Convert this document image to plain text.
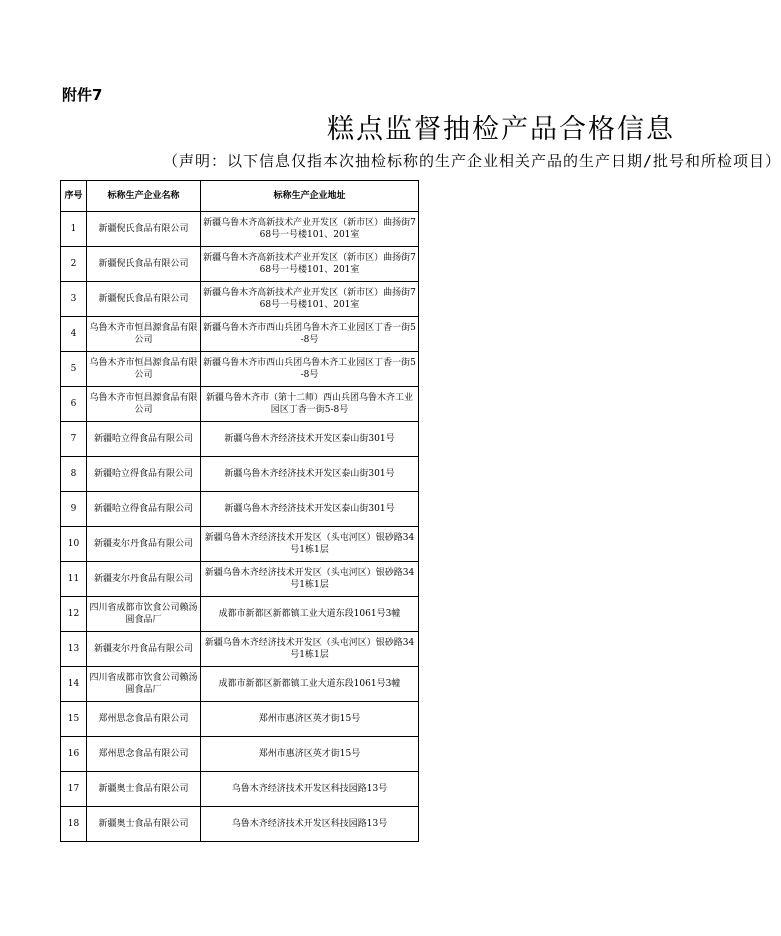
附件7
糕点监督抽检产品合格信息
（声明：以下信息仅指本次抽检标称的生产企业相关产品的生产日期/批号和所检项目）
序号	标称生产企业名称	标称生产企业地址
1	新疆倪氏食品有限公司	新疆乌鲁木齐高新技术产业开发区（新市区）曲扬街768号一号楼101、201室
2	新疆倪氏食品有限公司	新疆乌鲁木齐高新技术产业开发区（新市区）曲扬街768号一号楼101、201室
3	新疆倪氏食品有限公司	新疆乌鲁木齐高新技术产业开发区（新市区）曲扬街768号一号楼101、201室
4	乌鲁木齐市恒昌源食品有限公司	新疆乌鲁木齐市西山兵团乌鲁木齐工业园区丁香一街5-8号
5	乌鲁木齐市恒昌源食品有限公司	新疆乌鲁木齐市西山兵团乌鲁木齐工业园区丁香一街5-8号
6	乌鲁木齐市恒昌源食品有限公司	新疆乌鲁木齐市（第十二师）西山兵团乌鲁木齐工业园区丁香一街5-8号
7	新疆哈立得食品有限公司	新疆乌鲁木齐经济技术开发区泰山街301号
8	新疆哈立得食品有限公司	新疆乌鲁木齐经济技术开发区泰山街301号
9	新疆哈立得食品有限公司	新疆乌鲁木齐经济技术开发区泰山街301号
10	新疆麦尔丹食品有限公司	新疆乌鲁木齐经济技术开发区（头屯河区）银砂路34号1栋1层
11	新疆麦尔丹食品有限公司	新疆乌鲁木齐经济技术开发区（头屯河区）银砂路34号1栋1层
12	四川省成都市饮食公司赖汤圆食品厂	成都市新都区新都镇工业大道东段1061号3幢
13	新疆麦尔丹食品有限公司	新疆乌鲁木齐经济技术开发区（头屯河区）银砂路34号1栋1层
14	四川省成都市饮食公司赖汤圆食品厂	成都市新都区新都镇工业大道东段1061号3幢
15	郑州思念食品有限公司	郑州市惠济区英才街15号
16	郑州思念食品有限公司	郑州市惠济区英才街15号
17	新疆奥士食品有限公司	乌鲁木齐经济技术开发区科技园路13号
18	新疆奥士食品有限公司	乌鲁木齐经济技术开发区科技园路13号
